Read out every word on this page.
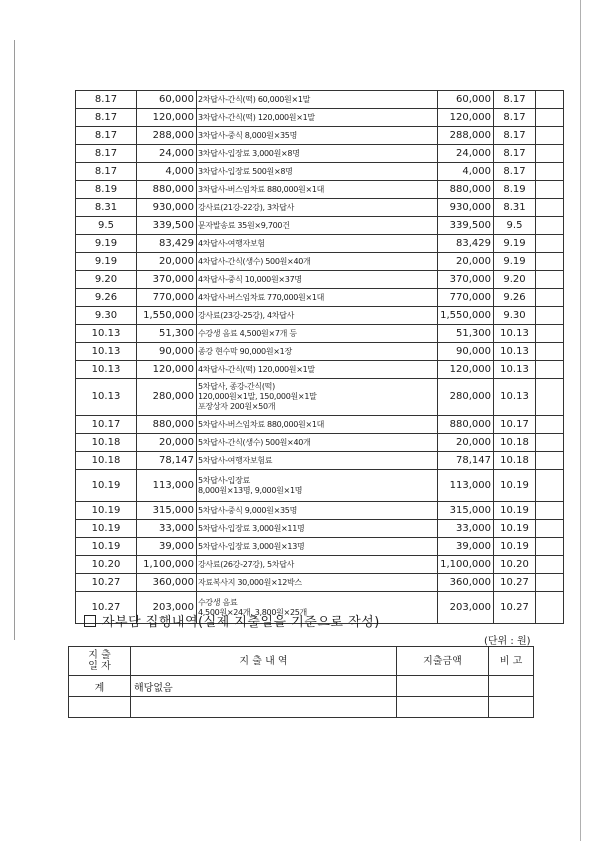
8.17	60,000	2차답사-간식(떡) 60,000원×1말	60,000	8.17	
8.17	120,000	3차답사-간식(떡) 120,000원×1말	120,000	8.17	
8.17	288,000	3차답사-중식 8,000원×35명	288,000	8.17	
8.17	24,000	3차답사-입장료 3,000원×8명	24,000	8.17	
8.17	4,000	3차답사-입장료 500원×8명	4,000	8.17	
8.19	880,000	3차답사-버스임차료 880,000원×1대	880,000	8.19	
8.31	930,000	강사료(21강-22강), 3차답사	930,000	8.31	
9.5	339,500	문자발송료 35원×9,700건	339,500	9.5	
9.19	83,429	4차답사-여행자보험	83,429	9.19	
9.19	20,000	4차답사-간식(생수) 500원×40개	20,000	9.19	
9.20	370,000	4차답사-중식 10,000원×37명	370,000	9.20	
9.26	770,000	4차답사-버스임차료 770,000원×1대	770,000	9.26	
9.30	1,550,000	강사료(23강-25강), 4차답사	1,550,000	9.30	
10.13	51,300	수강생 음료 4,500원×7개 등	51,300	10.13	
10.13	90,000	종강 현수막 90,000원×1장	90,000	10.13	
10.13	120,000	4차답사-간식(떡) 120,000원×1말	120,000	10.13	
10.13	280,000	5차답사, 종강-간식(떡)
120,000원×1말, 150,000원×1말
포장상자 200원×50개	280,000	10.13	
10.17	880,000	5차답사-버스임차료 880,000원×1대	880,000	10.17	
10.18	20,000	5차답사-간식(생수) 500원×40개	20,000	10.18	
10.18	78,147	5차답사-여행자보험료	78,147	10.18	
10.19	113,000	5차답사-입장료
8,000원×13명, 9,000원×1명	113,000	10.19	
10.19	315,000	5차답사-중식 9,000원×35명	315,000	10.19	
10.19	33,000	5차답사-입장료 3,000원×11명	33,000	10.19	
10.19	39,000	5차답사-입장료 3,000원×13명	39,000	10.19	
10.20	1,100,000	강사료(26강-27강), 5차답사	1,100,000	10.20	
10.27	360,000	자료복사지 30,000원×12박스	360,000	10.27	
10.27	203,000	수강생 음료
4,500원×24개, 3,800원×25개	203,000	10.27	
자부담 집행내역(실제 지출일을 기준으로 작성)
(단위 : 원)
지 출
일 자	지 출 내 역	지출금액	비 고
계	해당없음		
